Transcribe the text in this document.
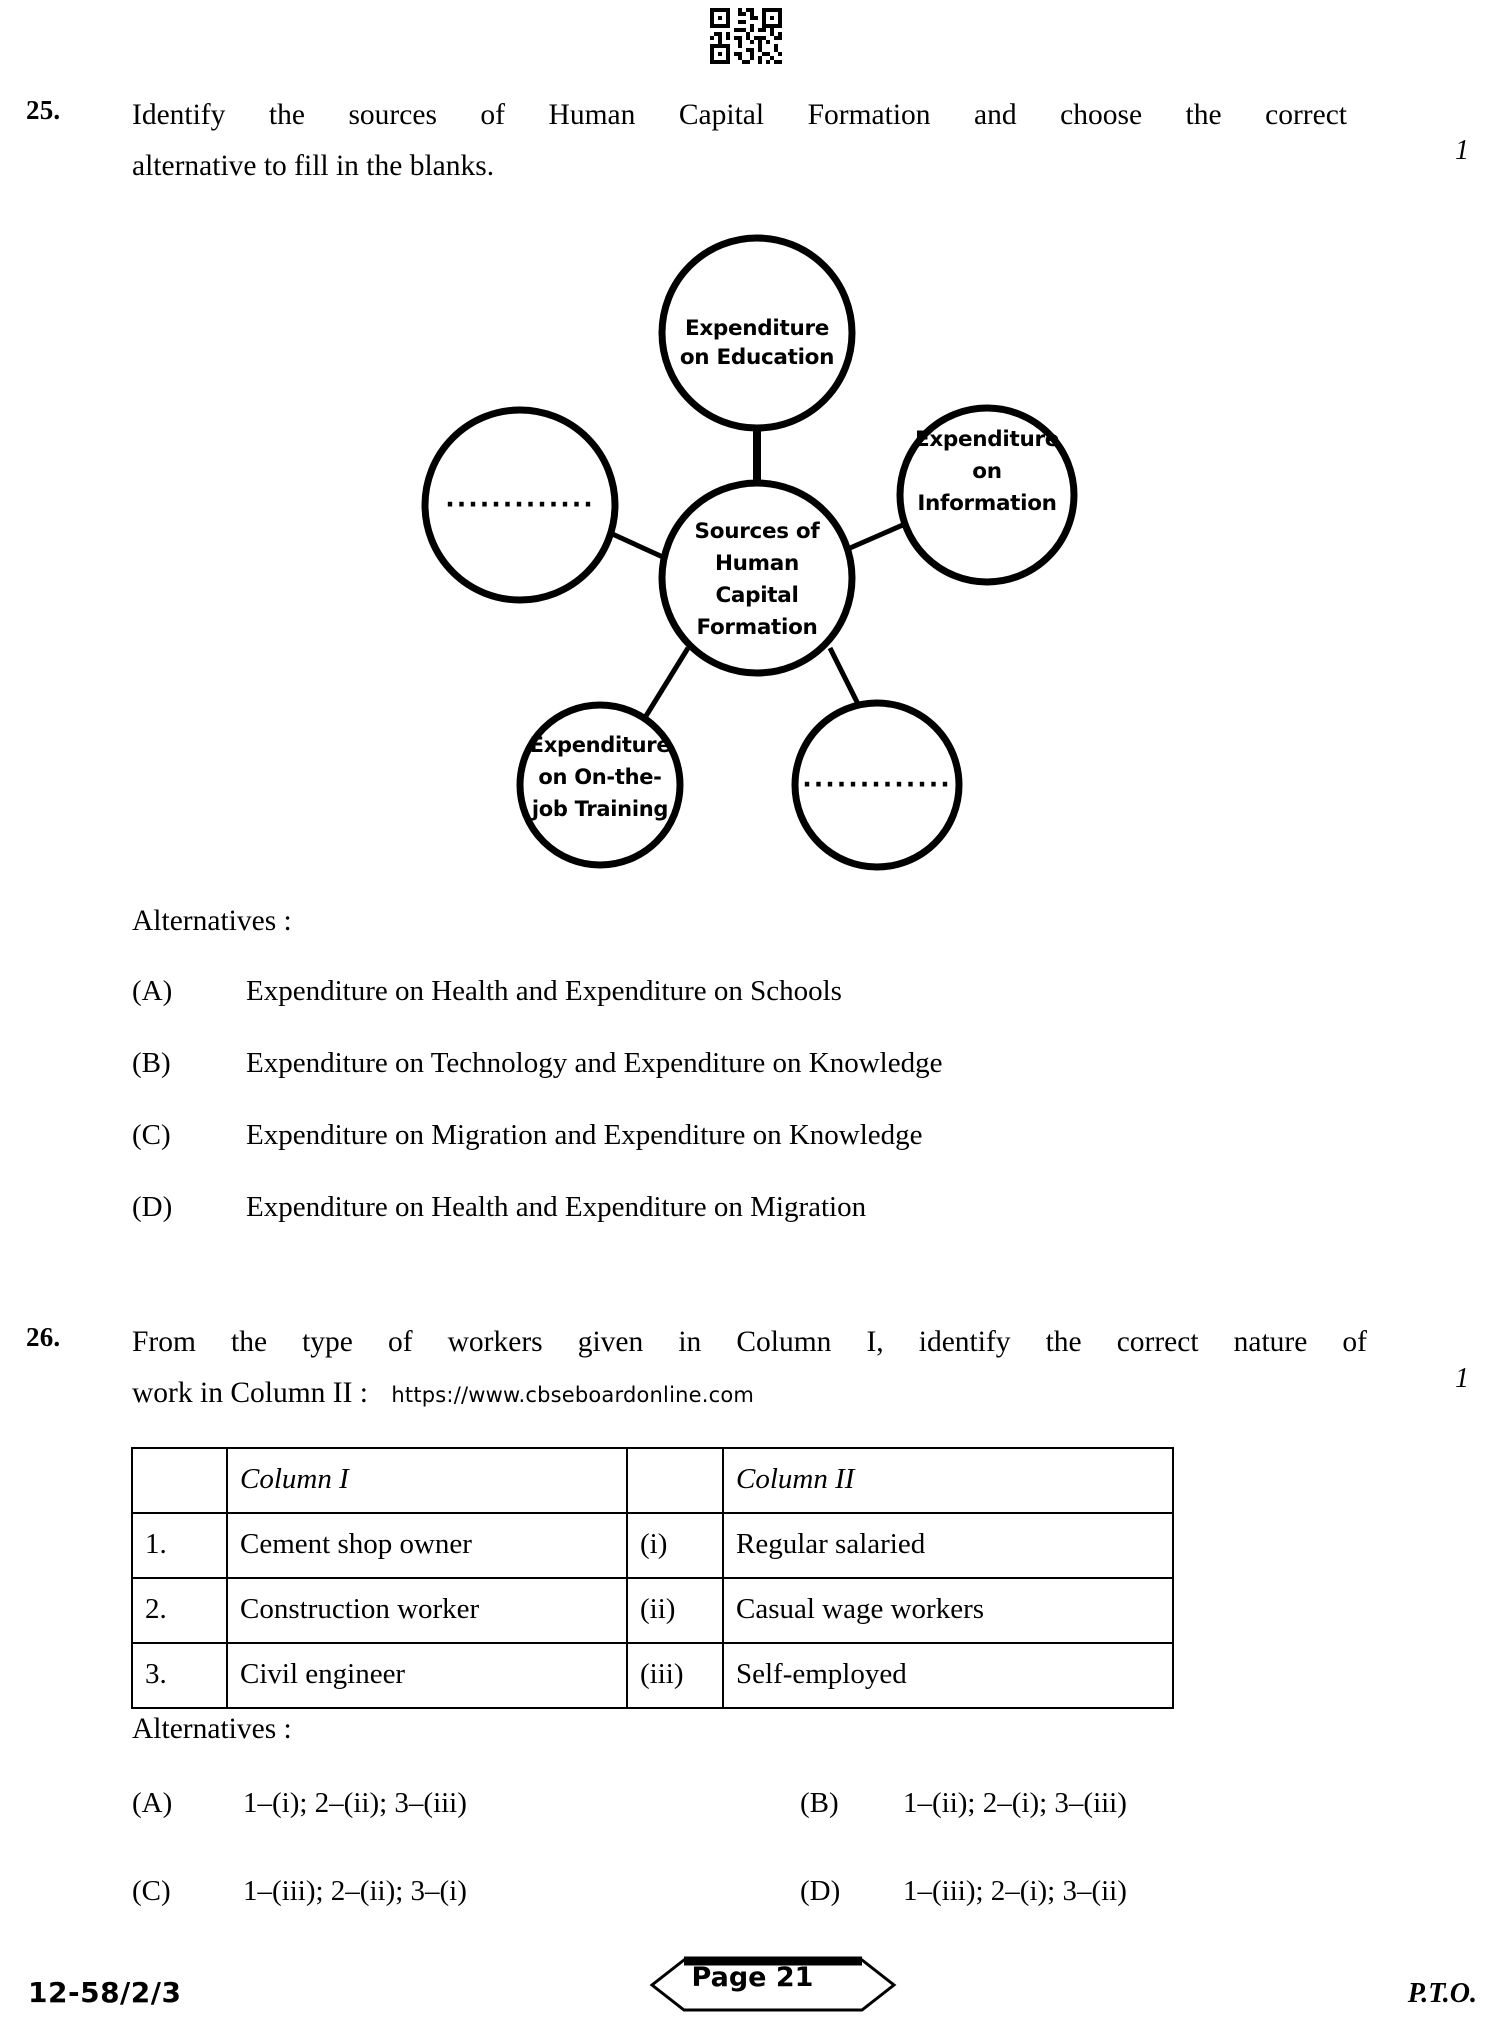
25. Identify the sources of Human Capital Formation and choose the correct
alternative to fill in the blanks.	1
Expenditure
on Education
·············
Expenditure
on
Information
Sources of
Human
Capital
Formation
Expenditure
on On-the-
job Training
·············
Alternatives :
(A)	Expenditure on Health and Expenditure on Schools
(B)	Expenditure on Technology and Expenditure on Knowledge
(C)	Expenditure on Migration and Expenditure on Knowledge
(D)	Expenditure on Health and Expenditure on Migration
26. From the type of workers given in Column I, identify the correct nature of
work in Column II : https://www.cbseboardonline.com
1
	Column I		Column II
1.	Cement shop owner	(i)	Regular salaried
2.	Construction worker	(ii)	Casual wage workers
3.	Civil engineer	(iii)	Self-employed
Alternatives :
(A) 1–(i); 2–(ii); 3–(iii)	(B) 1–(ii); 2–(i); 3–(iii)
(C) 1–(iii); 2–(ii); 3–(i)	(D) 1–(iii); 2–(i); 3–(ii)
12-58/2/3	Page 21
P.T.O.
